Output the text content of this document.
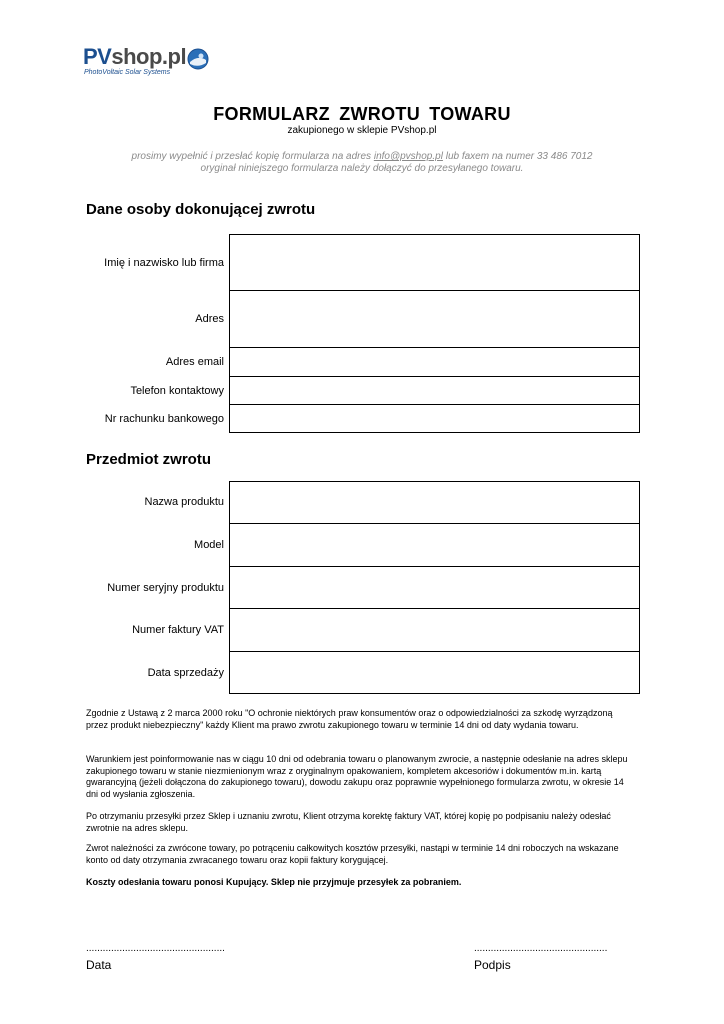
PVshop.pl
PhotoVoltaic Solar Systems
FORMULARZ ZWROTU TOWARU
zakupionego w sklepie PVshop.pl
prosimy wypełnić i przesłać kopię formularza na adres info@pvshop.pl lub faxem na numer 33 486 7012
oryginał niniejszego formularza należy dołączyć do przesyłanego towaru.
Dane osoby dokonującej zwrotu
Imię i nazwisko lub firma
Adres
Adres email
Telefon kontaktowy
Nr rachunku bankowego
Przedmiot zwrotu
Nazwa produktu
Model
Numer seryjny produktu
Numer faktury VAT
Data sprzedaży
Zgodnie z Ustawą z 2 marca 2000 roku "O ochronie niektórych praw konsumentów oraz o odpowiedzialności za szkodę wyrządzoną przez produkt niebezpieczny" każdy Klient ma prawo zwrotu zakupionego towaru w terminie 14 dni od daty wydania towaru.
Warunkiem jest poinformowanie nas w ciągu 10 dni od odebrania towaru o planowanym zwrocie, a następnie odesłanie na adres sklepu zakupionego towaru w stanie niezmienionym wraz z oryginalnym opakowaniem, kompletem akcesoriów i dokumentów m.in. kartą gwarancyjną (jeżeli dołączona do zakupionego towaru), dowodu zakupu oraz poprawnie wypełnionego formularza zwrotu, w okresie 14 dni od wysłania zgłoszenia.
Po otrzymaniu przesyłki przez Sklep i uznaniu zwrotu, Klient otrzyma korektę faktury VAT, której kopię po podpisaniu należy odesłać zwrotnie na adres sklepu.
Zwrot należności za zwrócone towary, po potrąceniu całkowitych kosztów przesyłki, nastąpi w terminie 14 dni roboczych na wskazane konto od daty otrzymania zwracanego towaru oraz kopii faktury korygującej.
Koszty odesłania towaru ponosi Kupujący. Sklep nie przyjmuje przesyłek za pobraniem.
..................................................
Data
................................................
Podpis
